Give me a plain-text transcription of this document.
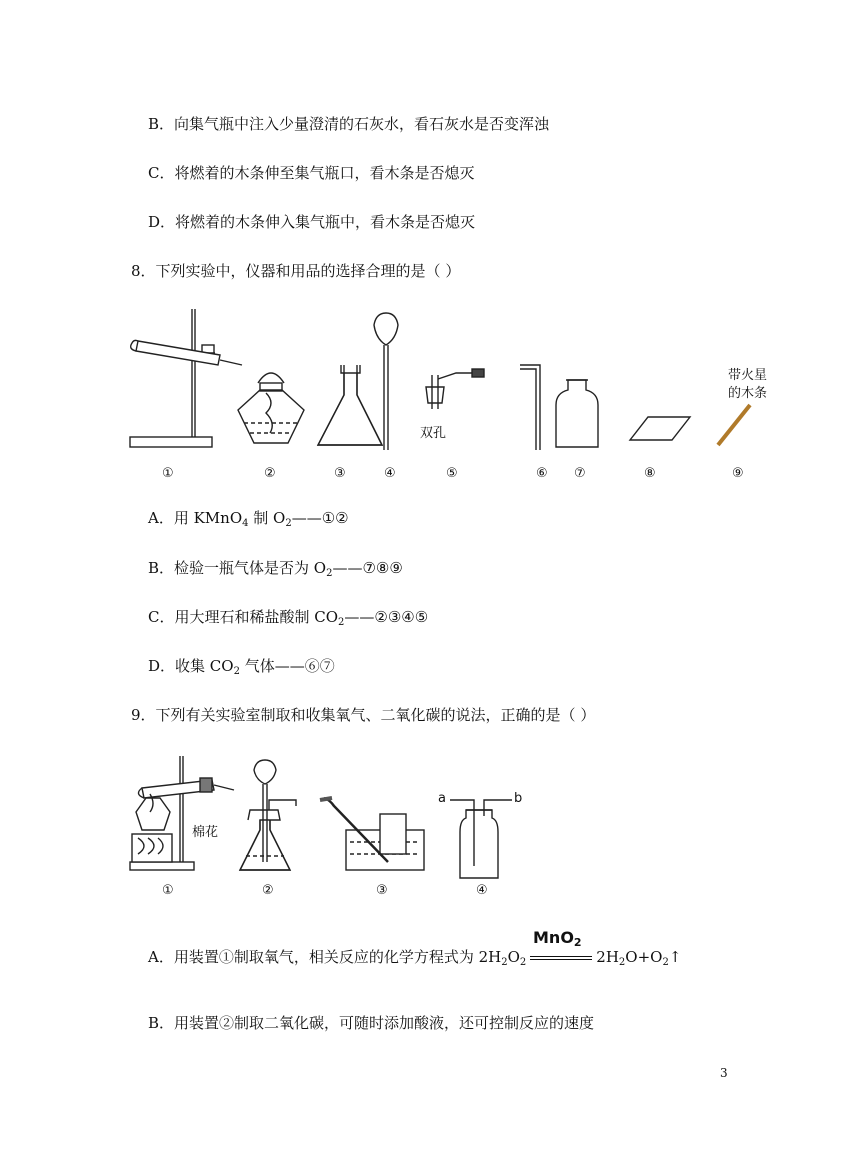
B．向集气瓶中注入少量澄清的石灰水，看石灰水是否变浑浊
C．将燃着的木条伸至集气瓶口，看木条是否熄灭
D．将燃着的木条伸入集气瓶中，看木条是否熄灭
8．下列实验中，仪器和用品的选择合理的是（ ）
双孔
带火星
的木条
①	②	③	④	⑤	⑥ ⑦	⑧	⑨
A．用 KMnO$_4$ 制 $O_2——①②$
B．检验一瓶气体是否为 $O_2——⑦⑧⑨$
C．用大理石和稀盐酸制 $CO_2——②③④⑤$
D．收集 $CO_2$ 气体——⑥⑦
9．下列有关实验室制取和收集氧气、二氧化碳的说法，正确的是（ ）
棉花
a	b
①	②	③	④
A．用装置①制取氧气，相关反应的化学方程式为 $2H_2O_2$	$2H_2O+O_2↑$
MnO2
B．用装置②制取二氧化碳，可随时添加酸液，还可控制反应的速度
3
